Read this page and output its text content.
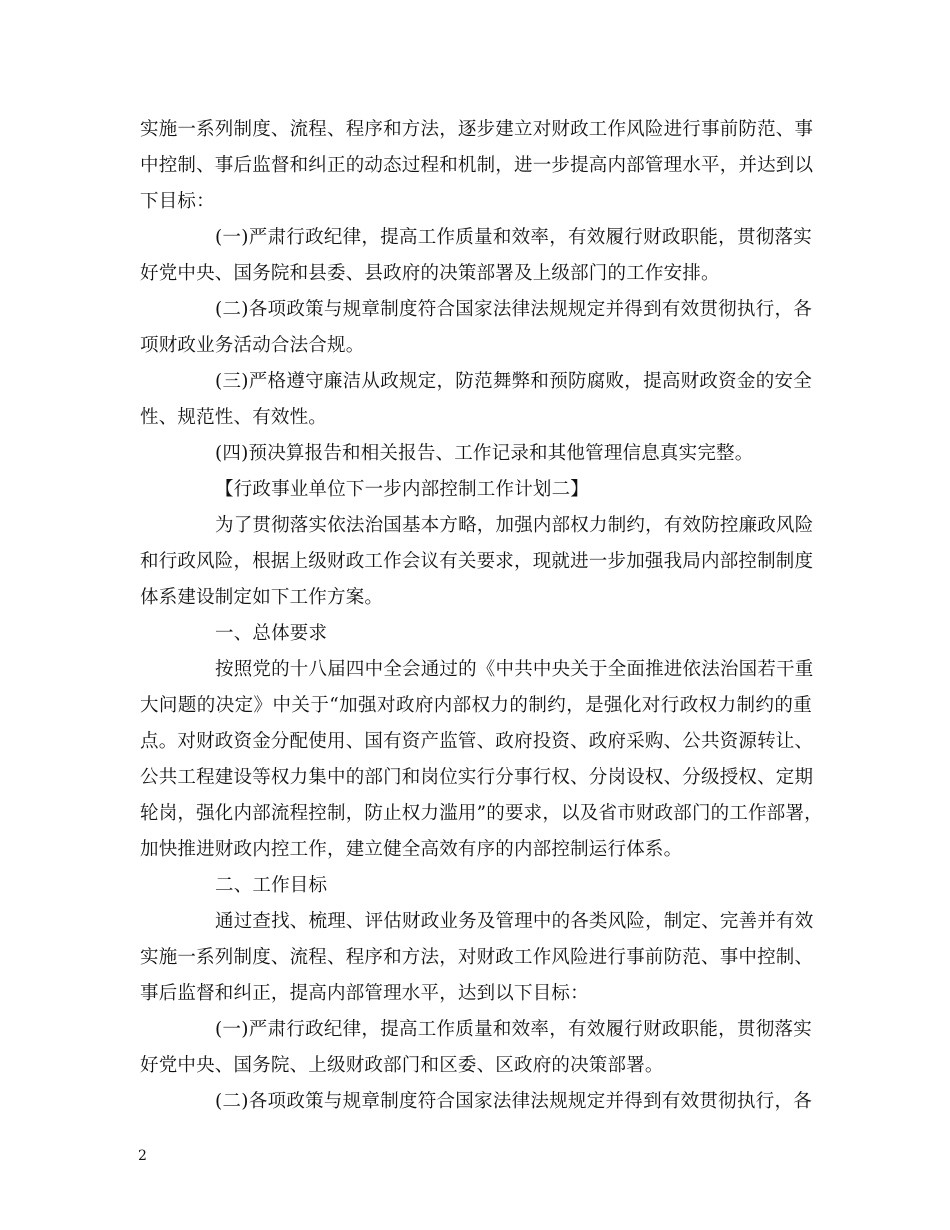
实施一系列制度、流程、程序和方法，逐步建立对财政工作风险进行事前防范、事
中控制、事后监督和纠正的动态过程和机制，进一步提高内部管理水平，并达到以
下目标：
(一)严肃行政纪律，提高工作质量和效率，有效履行财政职能，贯彻落实
好党中央、国务院和县委、县政府的决策部署及上级部门的工作安排。
(二)各项政策与规章制度符合国家法律法规规定并得到有效贯彻执行，各
项财政业务活动合法合规。
(三)严格遵守廉洁从政规定，防范舞弊和预防腐败，提高财政资金的安全
性、规范性、有效性。
(四)预决算报告和相关报告、工作记录和其他管理信息真实完整。
【行政事业单位下一步内部控制工作计划二】
为了贯彻落实依法治国基本方略，加强内部权力制约，有效防控廉政风险
和行政风险，根据上级财政工作会议有关要求，现就进一步加强我局内部控制制度
体系建设制定如下工作方案。
一、总体要求
按照党的十八届四中全会通过的《中共中央关于全面推进依法治国若干重
大问题的决定》中关于“加强对政府内部权力的制约，是强化对行政权力制约的重
点。对财政资金分配使用、国有资产监管、政府投资、政府采购、公共资源转让、
公共工程建设等权力集中的部门和岗位实行分事行权、分岗设权、分级授权、定期
轮岗，强化内部流程控制，防止权力滥用”的要求，以及省市财政部门的工作部署，
加快推进财政内控工作，建立健全高效有序的内部控制运行体系。
二、工作目标
通过查找、梳理、评估财政业务及管理中的各类风险，制定、完善并有效
实施一系列制度、流程、程序和方法，对财政工作风险进行事前防范、事中控制、
事后监督和纠正，提高内部管理水平，达到以下目标：
(一)严肃行政纪律，提高工作质量和效率，有效履行财政职能，贯彻落实
好党中央、国务院、上级财政部门和区委、区政府的决策部署。
(二)各项政策与规章制度符合国家法律法规规定并得到有效贯彻执行，各
2
